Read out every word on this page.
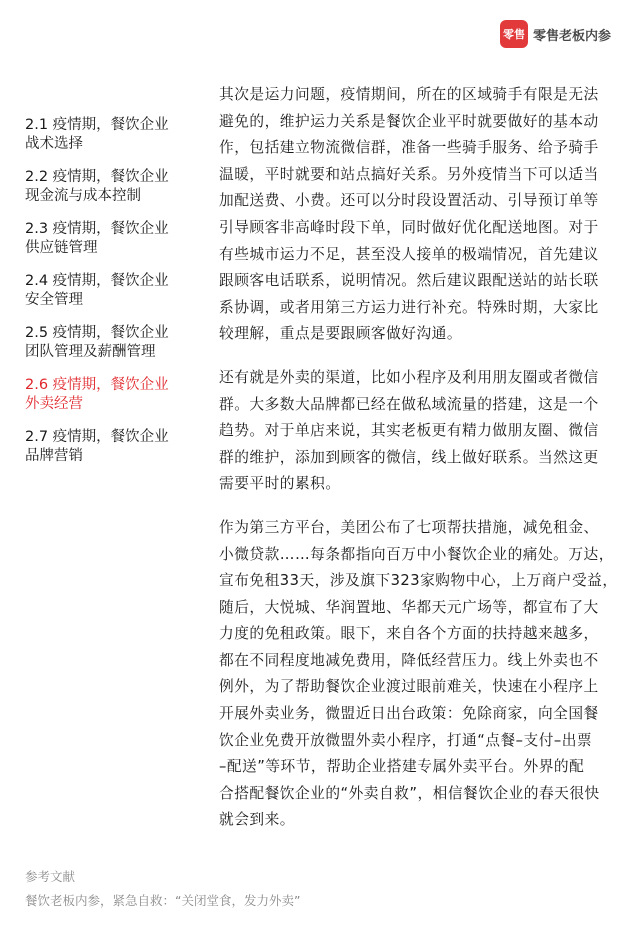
零售 零售老板内参
2.1 疫情期，餐饮企业
战术选择
2.2 疫情期，餐饮企业
现金流与成本控制
2.3 疫情期，餐饮企业
供应链管理
2.4 疫情期，餐饮企业
安全管理
2.5 疫情期，餐饮企业
团队管理及薪酬管理
2.6 疫情期，餐饮企业
外卖经营
2.7 疫情期，餐饮企业
品牌营销
其次是运力问题，疫情期间，所在的区域骑手有限是无法
避免的，维护运力关系是餐饮企业平时就要做好的基本动
作，包括建立物流微信群，准备一些骑手服务、给予骑手
温暖，平时就要和站点搞好关系。另外疫情当下可以适当
加配送费、小费。还可以分时段设置活动、引导预订单等
引导顾客非高峰时段下单，同时做好优化配送地图。对于
有些城市运力不足，甚至没人接单的极端情况，首先建议
跟顾客电话联系，说明情况。然后建议跟配送站的站长联
系协调，或者用第三方运力进行补充。特殊时期，大家比
较理解，重点是要跟顾客做好沟通。
还有就是外卖的渠道，比如小程序及利用朋友圈或者微信
群。大多数大品牌都已经在做私域流量的搭建，这是一个
趋势。对于单店来说，其实老板更有精力做朋友圈、微信
群的维护，添加到顾客的微信，线上做好联系。当然这更
需要平时的累积。
作为第三方平台，美团公布了七项帮扶措施，减免租金、
小微贷款……每条都指向百万中小餐饮企业的痛处。万达，
宣布免租33天，涉及旗下323家购物中心，上万商户受益，
随后，大悦城、华润置地、华都天元广场等，都宣布了大
力度的免租政策。眼下，来自各个方面的扶持越来越多，
都在不同程度地减免费用，降低经营压力。线上外卖也不
例外，为了帮助餐饮企业渡过眼前难关，快速在小程序上
开展外卖业务，微盟近日出台政策：免除商家，向全国餐
饮企业免费开放微盟外卖小程序，打通“点餐–支付–出票
–配送”等环节，帮助企业搭建专属外卖平台。外界的配
合搭配餐饮企业的“外卖自救”，相信餐饮企业的春天很快
就会到来。
参考文献
餐饮老板内参，紧急自救：“关闭堂食，发力外卖”
